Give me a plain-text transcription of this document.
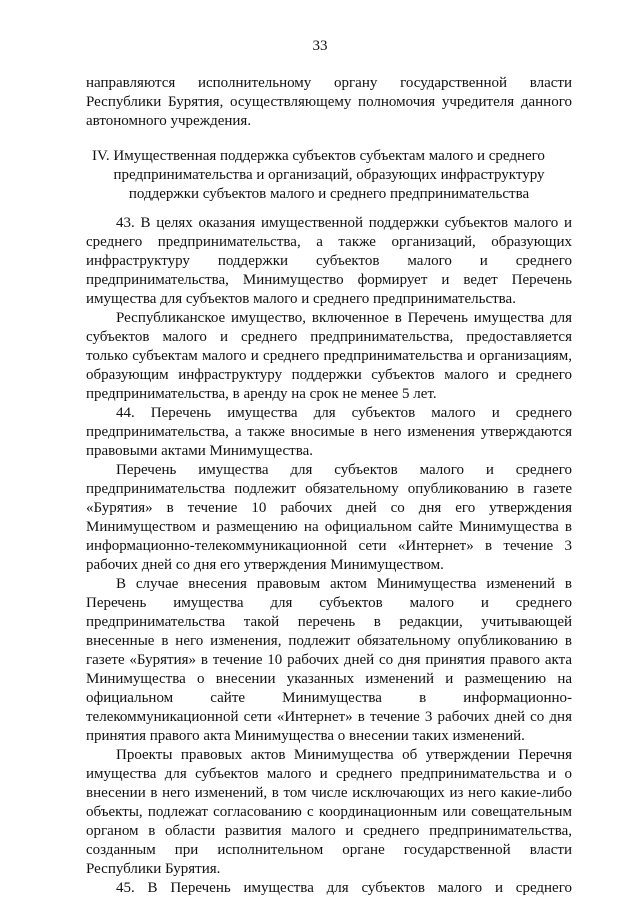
33
направляются исполнительному органу государственной власти
Республики Бурятия, осуществляющему полномочия учредителя данного
автономного учреждения.
IV. Имущественная поддержка субъектов субъектам малого и среднего
предпринимательства и организаций, образующих инфраструктуру
поддержки субъектов малого и среднего предпринимательства
43. В целях оказания имущественной поддержки субъектов малого и
среднего предпринимательства, а также организаций, образующих
инфраструктуру поддержки субъектов малого и среднего
предпринимательства, Минимущество формирует и ведет Перечень
имущества для субъектов малого и среднего предпринимательства.
Республиканское имущество, включенное в Перечень имущества для
субъектов малого и среднего предпринимательства, предоставляется
только субъектам малого и среднего предпринимательства и организациям,
образующим инфраструктуру поддержки субъектов малого и среднего
предпринимательства, в аренду на срок не менее 5 лет.
44. Перечень имущества для субъектов малого и среднего
предпринимательства, а также вносимые в него изменения утверждаются
правовыми актами Минимущества.
Перечень имущества для субъектов малого и среднего
предпринимательства подлежит обязательному опубликованию в газете
«Бурятия» в течение 10 рабочих дней со дня его утверждения
Минимуществом и размещению на официальном сайте Минимущества в
информационно-телекоммуникационной сети «Интернет» в течение 3
рабочих дней со дня его утверждения Минимуществом.
В случае внесения правовым актом Минимущества изменений в
Перечень имущества для субъектов малого и среднего
предпринимательства такой перечень в редакции, учитывающей
внесенные в него изменения, подлежит обязательному опубликованию в
газете «Бурятия» в течение 10 рабочих дней со дня принятия правого акта
Минимущества о внесении указанных изменений и размещению на
официальном сайте Минимущества в информационно-
телекоммуникационной сети «Интернет» в течение 3 рабочих дней со дня
принятия правого акта Минимущества о внесении таких изменений.
Проекты правовых актов Минимущества об утверждении Перечня
имущества для субъектов малого и среднего предпринимательства и о
внесении в него изменений, в том числе исключающих из него какие-либо
объекты, подлежат согласованию с координационным или совещательным
органом в области развития малого и среднего предпринимательства,
созданным при исполнительном органе государственной власти
Республики Бурятия.
45. В Перечень имущества для субъектов малого и среднего
